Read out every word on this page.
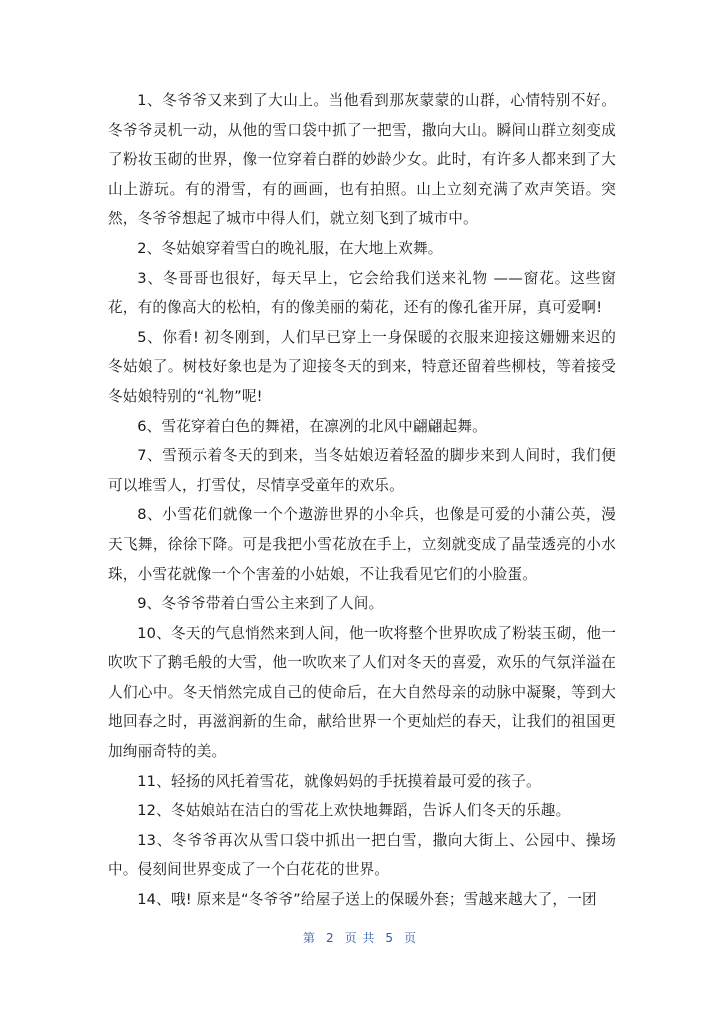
1、冬爷爷又来到了大山上。当他看到那灰蒙蒙的山群，心情特别不好。冬爷爷灵机一动，从他的雪口袋中抓了一把雪，撒向大山。瞬间山群立刻变成了粉妆玉砌的世界，像一位穿着白群的妙龄少女。此时，有许多人都来到了大山上游玩。有的滑雪，有的画画，也有拍照。山上立刻充满了欢声笑语。突然，冬爷爷想起了城市中得人们，就立刻飞到了城市中。

2、冬姑娘穿着雪白的晚礼服，在大地上欢舞。

3、冬哥哥也很好，每天早上，它会给我们送来礼物 ——窗花。这些窗花，有的像高大的松柏，有的像美丽的菊花，还有的像孔雀开屏，真可爱啊!

5、你看! 初冬刚到，人们早已穿上一身保暖的衣服来迎接这姗姗来迟的冬姑娘了。树枝好象也是为了迎接冬天的到来，特意还留着些柳枝，等着接受冬姑娘特别的“礼物”呢!

6、雪花穿着白色的舞裙，在凛冽的北风中翩翩起舞。

7、雪预示着冬天的到来，当冬姑娘迈着轻盈的脚步来到人间时，我们便可以堆雪人，打雪仗，尽情享受童年的欢乐。

8、小雪花们就像一个个遨游世界的小伞兵，也像是可爱的小蒲公英，漫天飞舞，徐徐下降。可是我把小雪花放在手上，立刻就变成了晶莹透亮的小水珠，小雪花就像一个个害羞的小姑娘，不让我看见它们的小脸蛋。

9、冬爷爷带着白雪公主来到了人间。

10、冬天的气息悄然来到人间，他一吹将整个世界吹成了粉装玉砌，他一吹吹下了鹅毛般的大雪，他一吹吹来了人们对冬天的喜爱，欢乐的气氛洋溢在人们心中。冬天悄然完成自己的使命后，在大自然母亲的动脉中凝聚，等到大地回春之时，再滋润新的生命，献给世界一个更灿烂的春天，让我们的祖国更加绚丽奇特的美。

11、轻扬的风托着雪花，就像妈妈的手抚摸着最可爱的孩子。

12、冬姑娘站在洁白的雪花上欢快地舞蹈，告诉人们冬天的乐趣。

13、冬爷爷再次从雪口袋中抓出一把白雪，撒向大街上、公园中、操场中。侵刻间世界变成了一个白花花的世界。

14、哦! 原来是“冬爷爷”给屋子送上的保暖外套；雪越来越大了，一团

第 2 页 共 5 页
